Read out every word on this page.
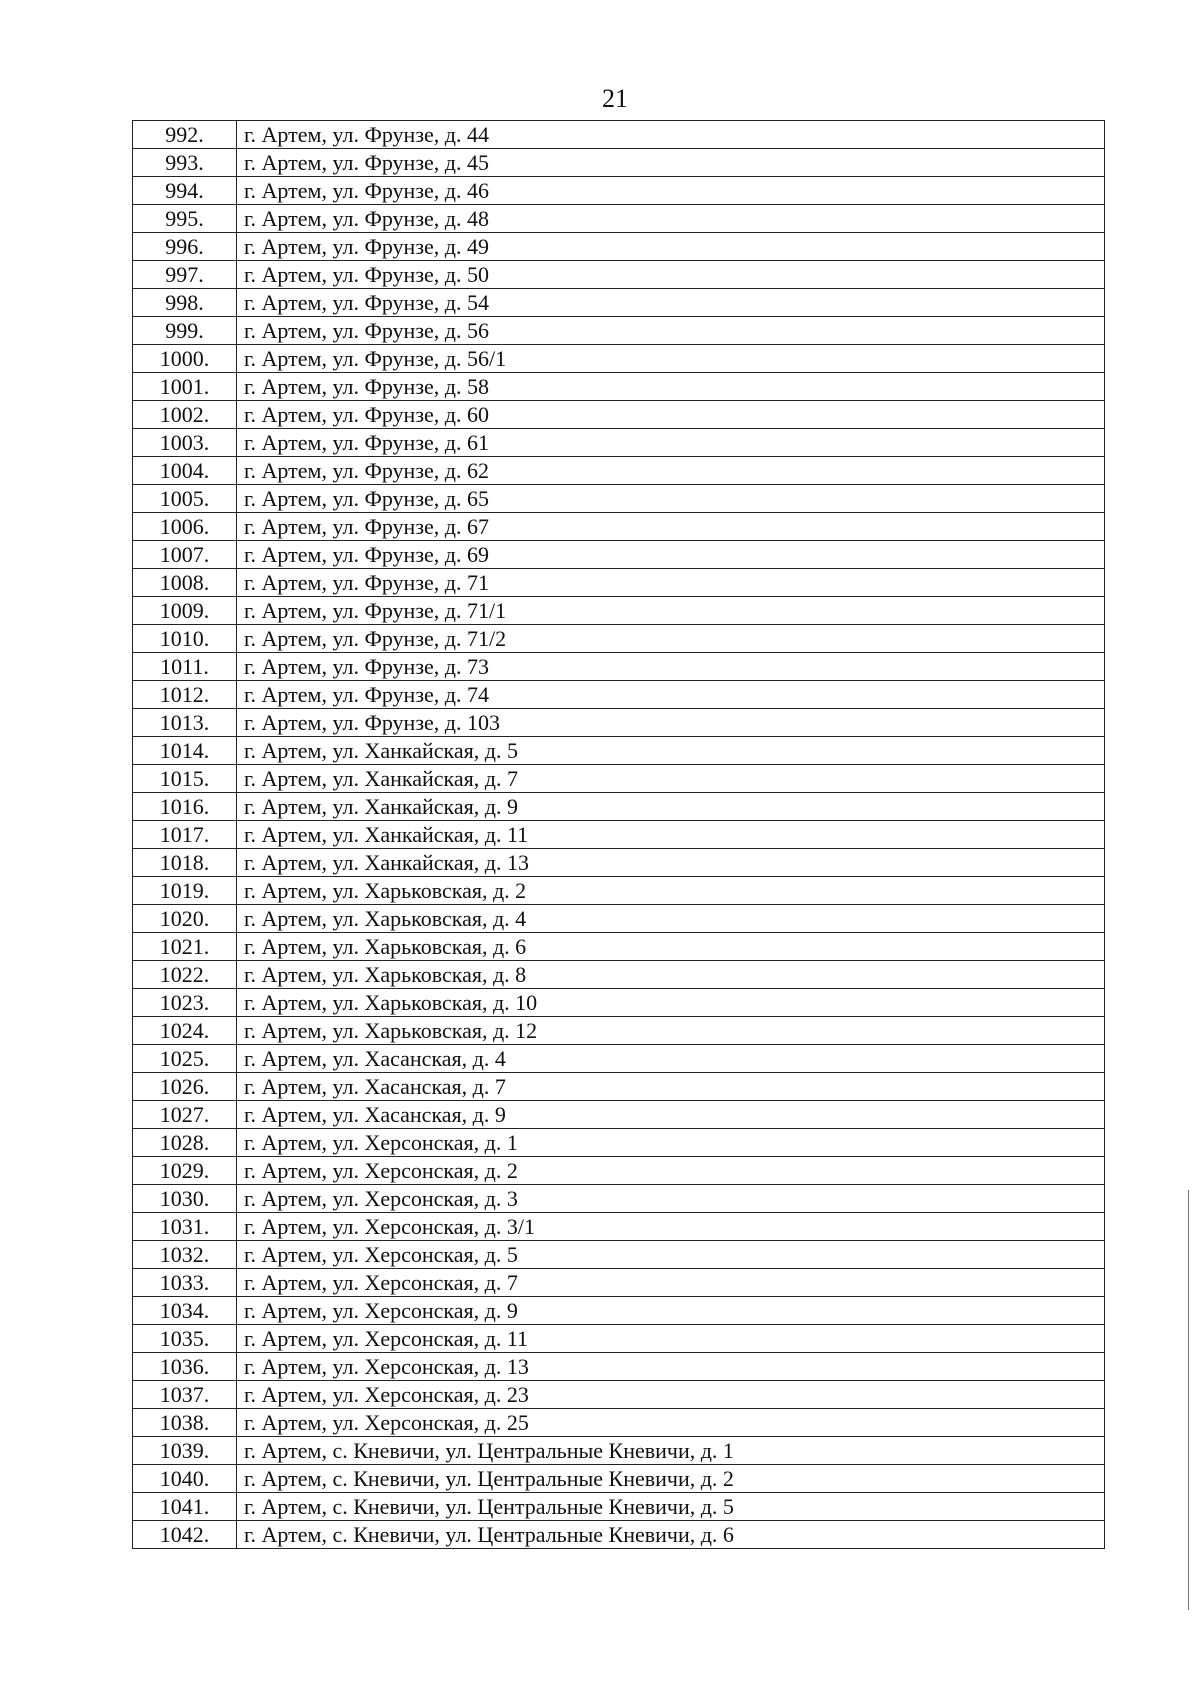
21
992.	г. Артем, ул. Фрунзе, д. 44
993.	г. Артем, ул. Фрунзе, д. 45
994.	г. Артем, ул. Фрунзе, д. 46
995.	г. Артем, ул. Фрунзе, д. 48
996.	г. Артем, ул. Фрунзе, д. 49
997.	г. Артем, ул. Фрунзе, д. 50
998.	г. Артем, ул. Фрунзе, д. 54
999.	г. Артем, ул. Фрунзе, д. 56
1000.	г. Артем, ул. Фрунзе, д. 56/1
1001.	г. Артем, ул. Фрунзе, д. 58
1002.	г. Артем, ул. Фрунзе, д. 60
1003.	г. Артем, ул. Фрунзе, д. 61
1004.	г. Артем, ул. Фрунзе, д. 62
1005.	г. Артем, ул. Фрунзе, д. 65
1006.	г. Артем, ул. Фрунзе, д. 67
1007.	г. Артем, ул. Фрунзе, д. 69
1008.	г. Артем, ул. Фрунзе, д. 71
1009.	г. Артем, ул. Фрунзе, д. 71/1
1010.	г. Артем, ул. Фрунзе, д. 71/2
1011.	г. Артем, ул. Фрунзе, д. 73
1012.	г. Артем, ул. Фрунзе, д. 74
1013.	г. Артем, ул. Фрунзе, д. 103
1014.	г. Артем, ул. Ханкайская, д. 5
1015.	г. Артем, ул. Ханкайская, д. 7
1016.	г. Артем, ул. Ханкайская, д. 9
1017.	г. Артем, ул. Ханкайская, д. 11
1018.	г. Артем, ул. Ханкайская, д. 13
1019.	г. Артем, ул. Харьковская, д. 2
1020.	г. Артем, ул. Харьковская, д. 4
1021.	г. Артем, ул. Харьковская, д. 6
1022.	г. Артем, ул. Харьковская, д. 8
1023.	г. Артем, ул. Харьковская, д. 10
1024.	г. Артем, ул. Харьковская, д. 12
1025.	г. Артем, ул. Хасанская, д. 4
1026.	г. Артем, ул. Хасанская, д. 7
1027.	г. Артем, ул. Хасанская, д. 9
1028.	г. Артем, ул. Херсонская, д. 1
1029.	г. Артем, ул. Херсонская, д. 2
1030.	г. Артем, ул. Херсонская, д. 3
1031.	г. Артем, ул. Херсонская, д. 3/1
1032.	г. Артем, ул. Херсонская, д. 5
1033.	г. Артем, ул. Херсонская, д. 7
1034.	г. Артем, ул. Херсонская, д. 9
1035.	г. Артем, ул. Херсонская, д. 11
1036.	г. Артем, ул. Херсонская, д. 13
1037.	г. Артем, ул. Херсонская, д. 23
1038.	г. Артем, ул. Херсонская, д. 25
1039.	г. Артем, с. Кневичи, ул. Центральные Кневичи, д. 1
1040.	г. Артем, с. Кневичи, ул. Центральные Кневичи, д. 2
1041.	г. Артем, с. Кневичи, ул. Центральные Кневичи, д. 5
1042.	г. Артем, с. Кневичи, ул. Центральные Кневичи, д. 6
